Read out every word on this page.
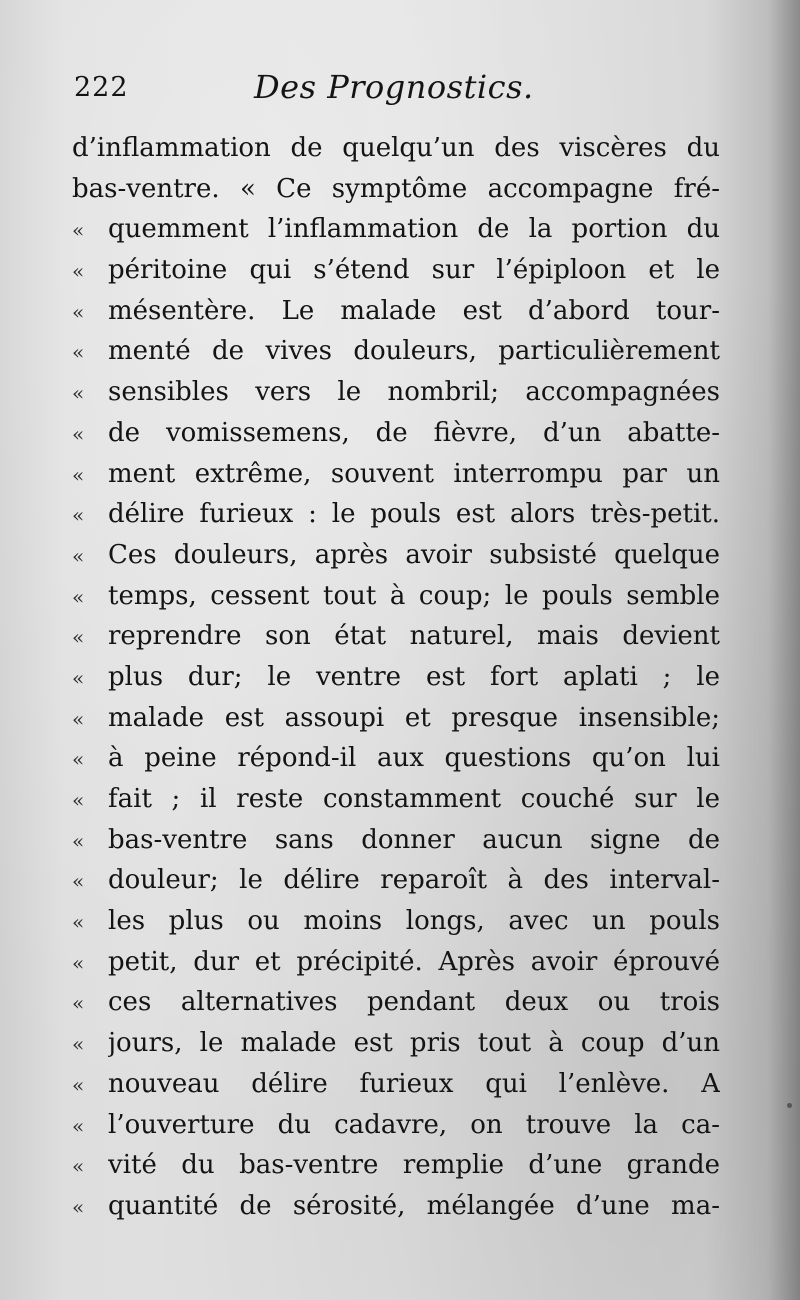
222	Des Prognostics.
d’inflammation de quelqu’un des viscères du
bas-ventre. « Ce symptôme accompagne fré-
« quemment l’inflammation de la portion du
« péritoine qui s’étend sur l’épiploon et le
« mésentère. Le malade est d’abord tour-
« menté de vives douleurs, particulièrement
« sensibles vers le nombril; accompagnées
« de vomissemens, de fièvre, d’un abatte-
« ment extrême, souvent interrompu par un
« délire furieux : le pouls est alors très-petit.
« Ces douleurs, après avoir subsisté quelque
« temps, cessent tout à coup; le pouls semble
« reprendre son état naturel, mais devient
« plus dur; le ventre est fort aplati ; le
« malade est assoupi et presque insensible;
« à peine répond-il aux questions qu’on lui
« fait ; il reste constamment couché sur le
« bas-ventre sans donner aucun signe de
« douleur; le délire reparoît à des interval-
« les plus ou moins longs, avec un pouls
« petit, dur et précipité. Après avoir éprouvé
« ces alternatives pendant deux ou trois
« jours, le malade est pris tout à coup d’un
« nouveau délire furieux qui l’enlève. A
« l’ouverture du cadavre, on trouve la ca-
« vité du bas-ventre remplie d’une grande
« quantité de sérosité, mélangée d’une ma-
